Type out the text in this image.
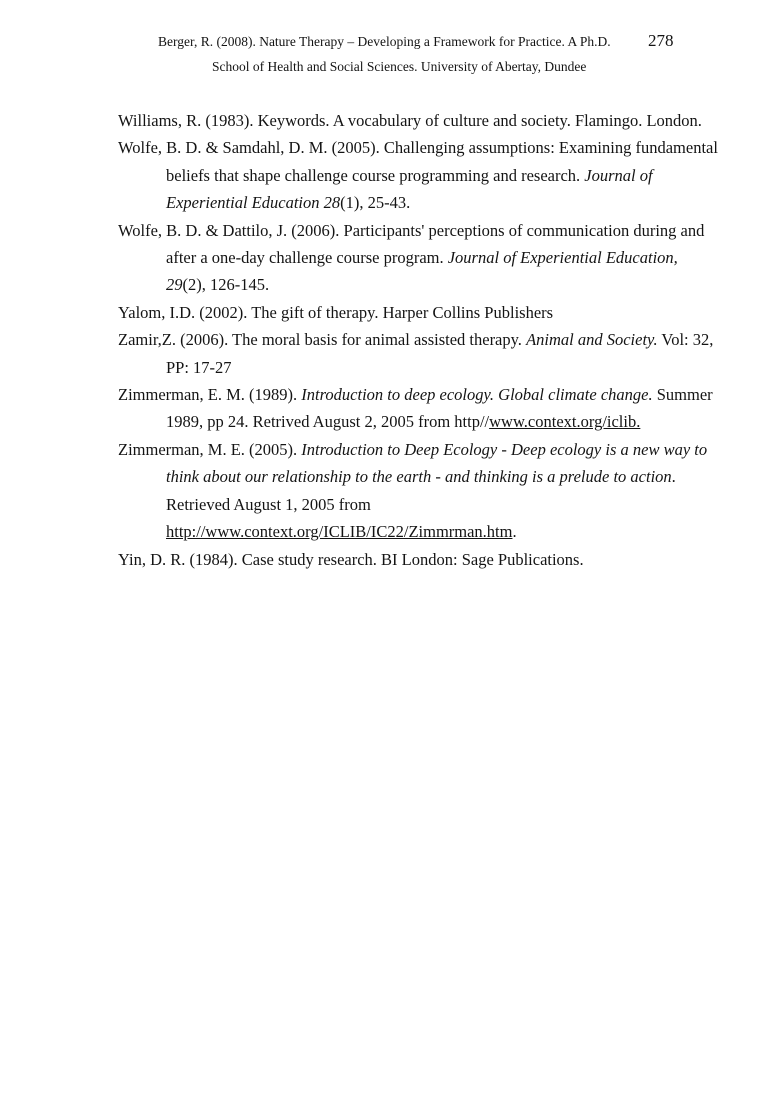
Berger, R. (2008). Nature Therapy – Developing a Framework for Practice. A Ph.D. 278
School of Health and Social Sciences. University of Abertay, Dundee

Williams, R. (1983). Keywords. A vocabulary of culture and society. Flamingo. London.

Wolfe, B. D. & Samdahl, D. M. (2005). Challenging assumptions: Examining fundamental beliefs that shape challenge course programming and research. Journal of Experiential Education 28(1), 25-43.

Wolfe, B. D. & Dattilo, J. (2006). Participants' perceptions of communication during and after a one-day challenge course program. Journal of Experiential Education, 29(2), 126-145.

Yalom, I.D. (2002). The gift of therapy. Harper Collins Publishers

Zamir,Z. (2006). The moral basis for animal assisted therapy. Animal and Society. Vol: 32, PP: 17-27

Zimmerman, E. M. (1989). Introduction to deep ecology. Global climate change. Summer 1989, pp 24. Retrived August 2, 2005 from http//www.context.org/iclib.

Zimmerman, M. E. (2005). Introduction to Deep Ecology - Deep ecology is a new way to think about our relationship to the earth - and thinking is a prelude to action. Retrieved August 1, 2005 from http://www.context.org/ICLIB/IC22/Zimmrman.htm.

Yin, D. R. (1984). Case study research. BI London: Sage Publications.
